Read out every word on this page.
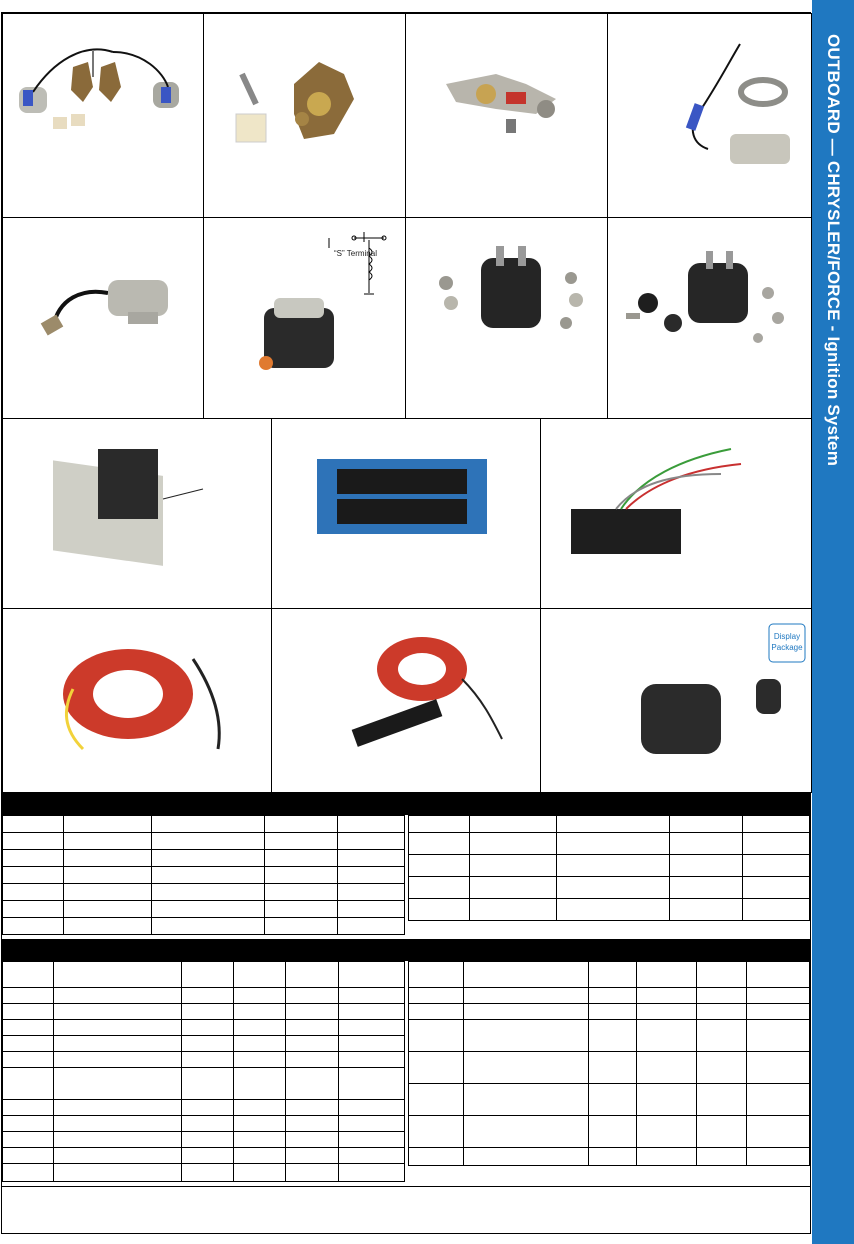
OUTBOARD — CHRYSLER/FORCE - Ignition System
“S” Terminal
Display
Package
